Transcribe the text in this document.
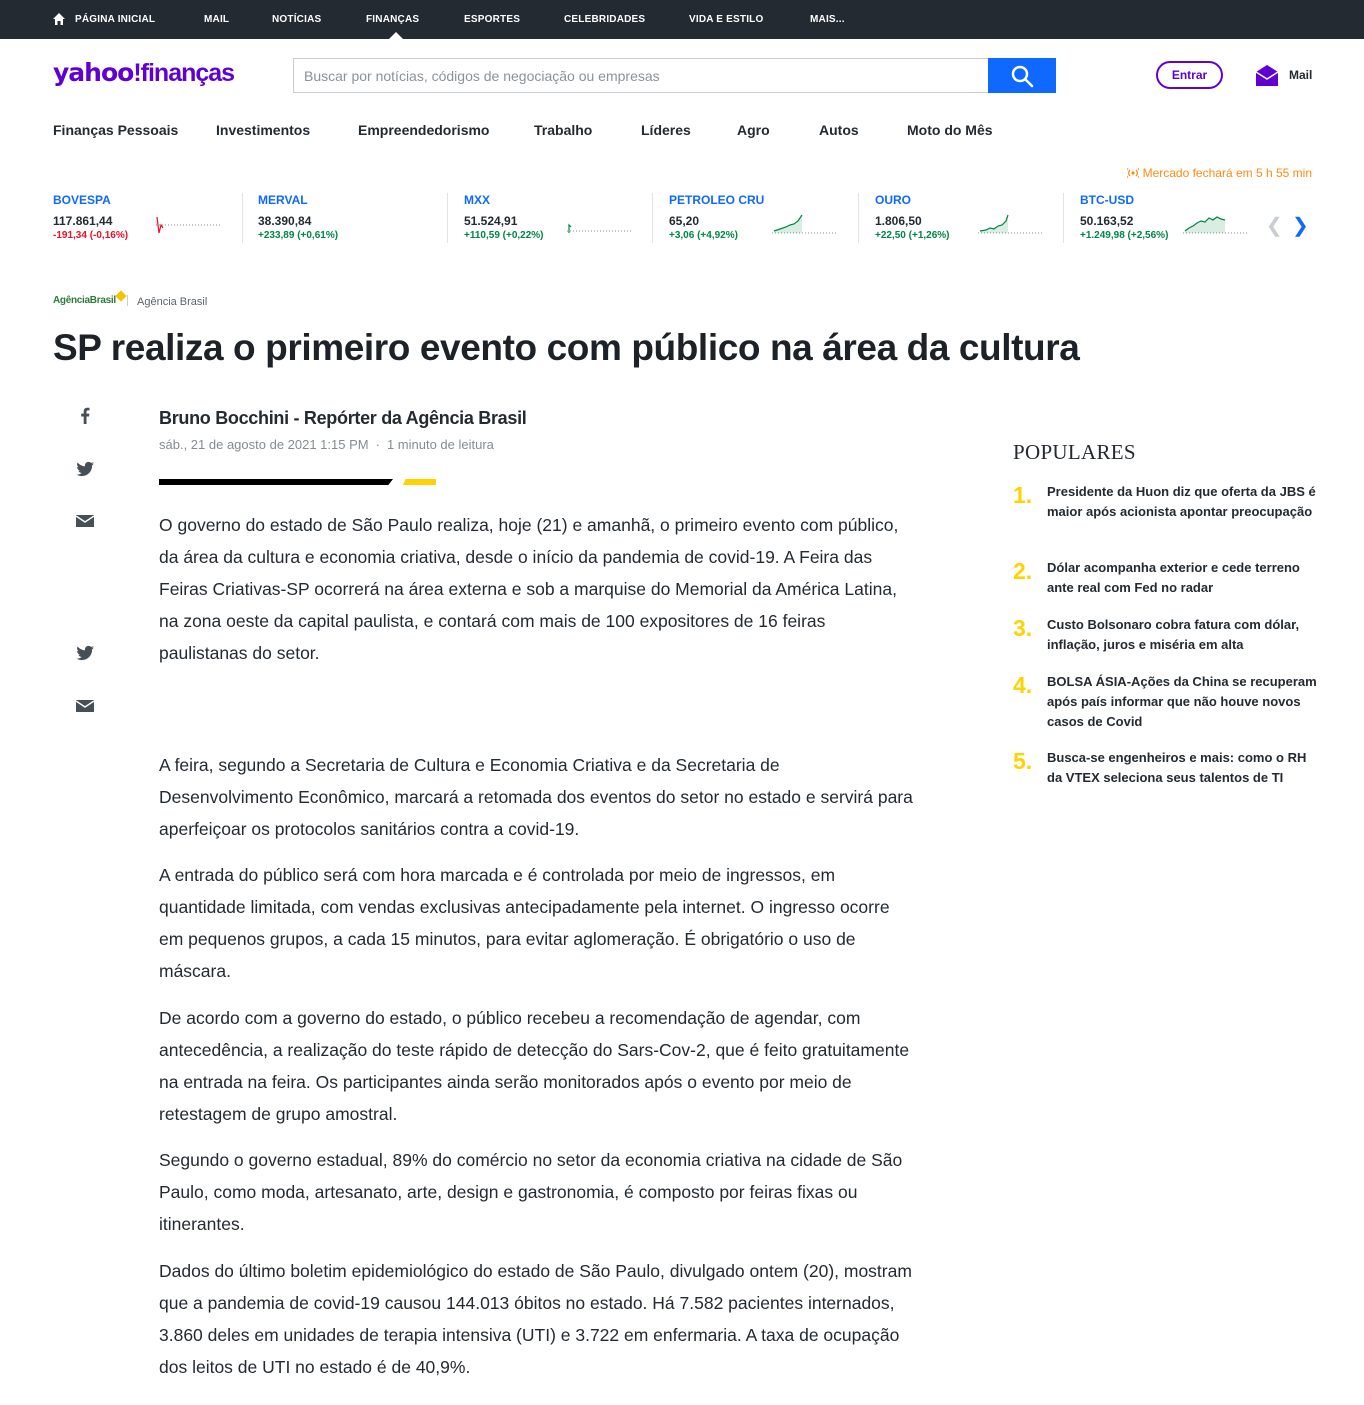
PÁGINA INICIAL	MAIL	NOTÍCIAS	FINANÇAS	ESPORTES	CELEBRIDADES	VIDA E ESTILO	MAIS...
yahoo!finanças
Buscar por notícias, códigos de negociação ou empresas	Entrar	Mail
Finanças Pessoais	Investimentos	Empreendedorismo	Trabalho	Líderes	Agro	Autos	Moto do Mês
Mercado fechará em 5 h 55 min
BOVESPA
117.861,44
-191,34 (-0,16%)
MERVAL
38.390,84
+233,89 (+0,61%)
MXX
51.524,91
+110,59 (+0,22%)
PETROLEO CRU
65,20
+3,06 (+4,92%)
OURO
1.806,50
+22,50 (+1,26%)
BTC-USD
50.163,52
+1.249,98 (+2,56%)	❮ ❯
AgênciaBrasil	Agência Brasil
SP realiza o primeiro evento com público na área da cultura
Bruno Bocchini - Repórter da Agência Brasil
sáb., 21 de agosto de 2021 1:15 PM · 1 minuto de leitura

O governo do estado de São Paulo realiza, hoje (21) e amanhã, o primeiro evento com público, da área da cultura e economia criativa, desde o início da pandemia de covid-19. A Feira das Feiras Criativas-SP ocorrerá na área externa e sob a marquise do Memorial da América Latina, na zona oeste da capital paulista, e contará com mais de 100 expositores de 16 feiras paulistanas do setor.

A feira, segundo a Secretaria de Cultura e Economia Criativa e da Secretaria de Desenvolvimento Econômico, marcará a retomada dos eventos do setor no estado e servirá para aperfeiçoar os protocolos sanitários contra a covid-19.

A entrada do público será com hora marcada e é controlada por meio de ingressos, em quantidade limitada, com vendas exclusivas antecipadamente pela internet. O ingresso ocorre em pequenos grupos, a cada 15 minutos, para evitar aglomeração. É obrigatório o uso de máscara.

De acordo com a governo do estado, o público recebeu a recomendação de agendar, com antecedência, a realização do teste rápido de detecção do Sars-Cov-2, que é feito gratuitamente na entrada na feira. Os participantes ainda serão monitorados após o evento por meio de retestagem de grupo amostral.

Segundo o governo estadual, 89% do comércio no setor da economia criativa na cidade de São Paulo, como moda, artesanato, arte, design e gastronomia, é composto por feiras fixas ou itinerantes.

Dados do último boletim epidemiológico do estado de São Paulo, divulgado ontem (20), mostram que a pandemia de covid-19 causou 144.013 óbitos no estado. Há 7.582 pacientes internados, 3.860 deles em unidades de terapia intensiva (UTI) e 3.722 em enfermaria. A taxa de ocupação dos leitos de UTI no estado é de 40,9%.

POPULARES
1. Presidente da Huon diz que oferta da JBS é maior após acionista apontar preocupação
2. Dólar acompanha exterior e cede terreno ante real com Fed no radar
3. Custo Bolsonaro cobra fatura com dólar, inflação, juros e miséria em alta
4. BOLSA ÁSIA-Ações da China se recuperam após país informar que não houve novos casos de Covid
5. Busca-se engenheiros e mais: como o RH da VTEX seleciona seus talentos de TI
